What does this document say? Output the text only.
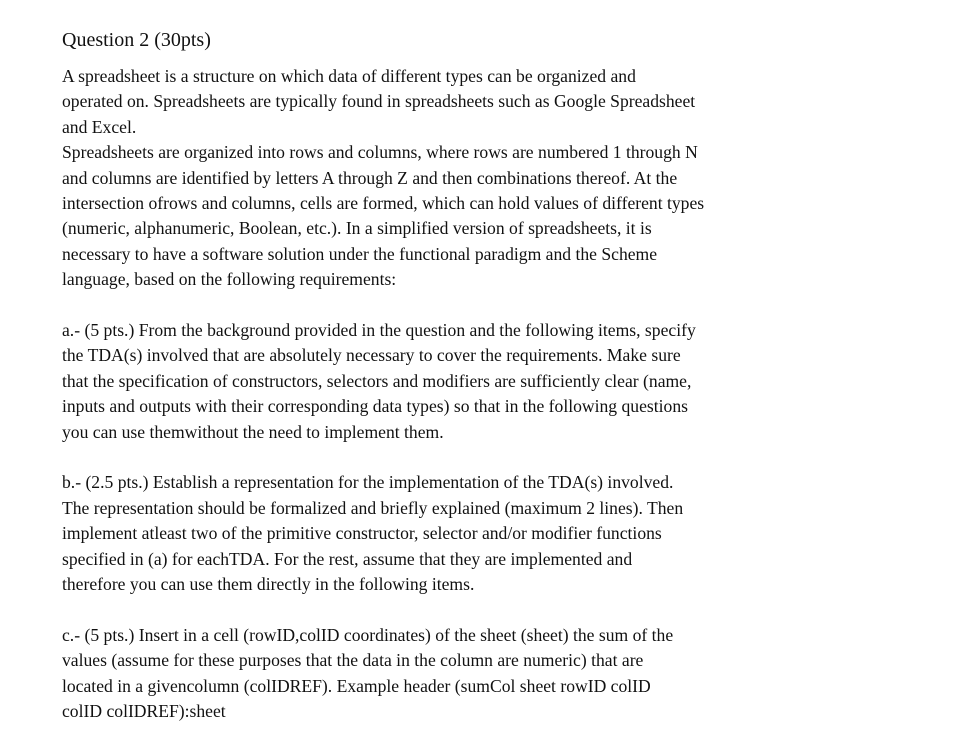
Question 2 (30pts)

A spreadsheet is a structure on which data of different types can be organized and
operated on. Spreadsheets are typically found in spreadsheets such as Google Spreadsheet
and Excel.
Spreadsheets are organized into rows and columns, where rows are numbered 1 through N
and columns are identified by letters A through Z and then combinations thereof. At the
intersection ofrows and columns, cells are formed, which can hold values of different types
(numeric, alphanumeric, Boolean, etc.). In a simplified version of spreadsheets, it is
necessary to have a software solution under the functional paradigm and the Scheme
language, based on the following requirements:

a.- (5 pts.) From the background provided in the question and the following items, specify
the TDA(s) involved that are absolutely necessary to cover the requirements. Make sure
that the specification of constructors, selectors and modifiers are sufficiently clear (name,
inputs and outputs with their corresponding data types) so that in the following questions
you can use themwithout the need to implement them.

b.- (2.5 pts.) Establish a representation for the implementation of the TDA(s) involved.
The representation should be formalized and briefly explained (maximum 2 lines). Then
implement atleast two of the primitive constructor, selector and/or modifier functions
specified in (a) for eachTDA. For the rest, assume that they are implemented and
therefore you can use them directly in the following items.

c.- (5 pts.) Insert in a cell (rowID,colID coordinates) of the sheet (sheet) the sum of the
values (assume for these purposes that the data in the column are numeric) that are
located in a givencolumn (colIDREF). Example header (sumCol sheet rowID colID
colID colIDREF):sheet
